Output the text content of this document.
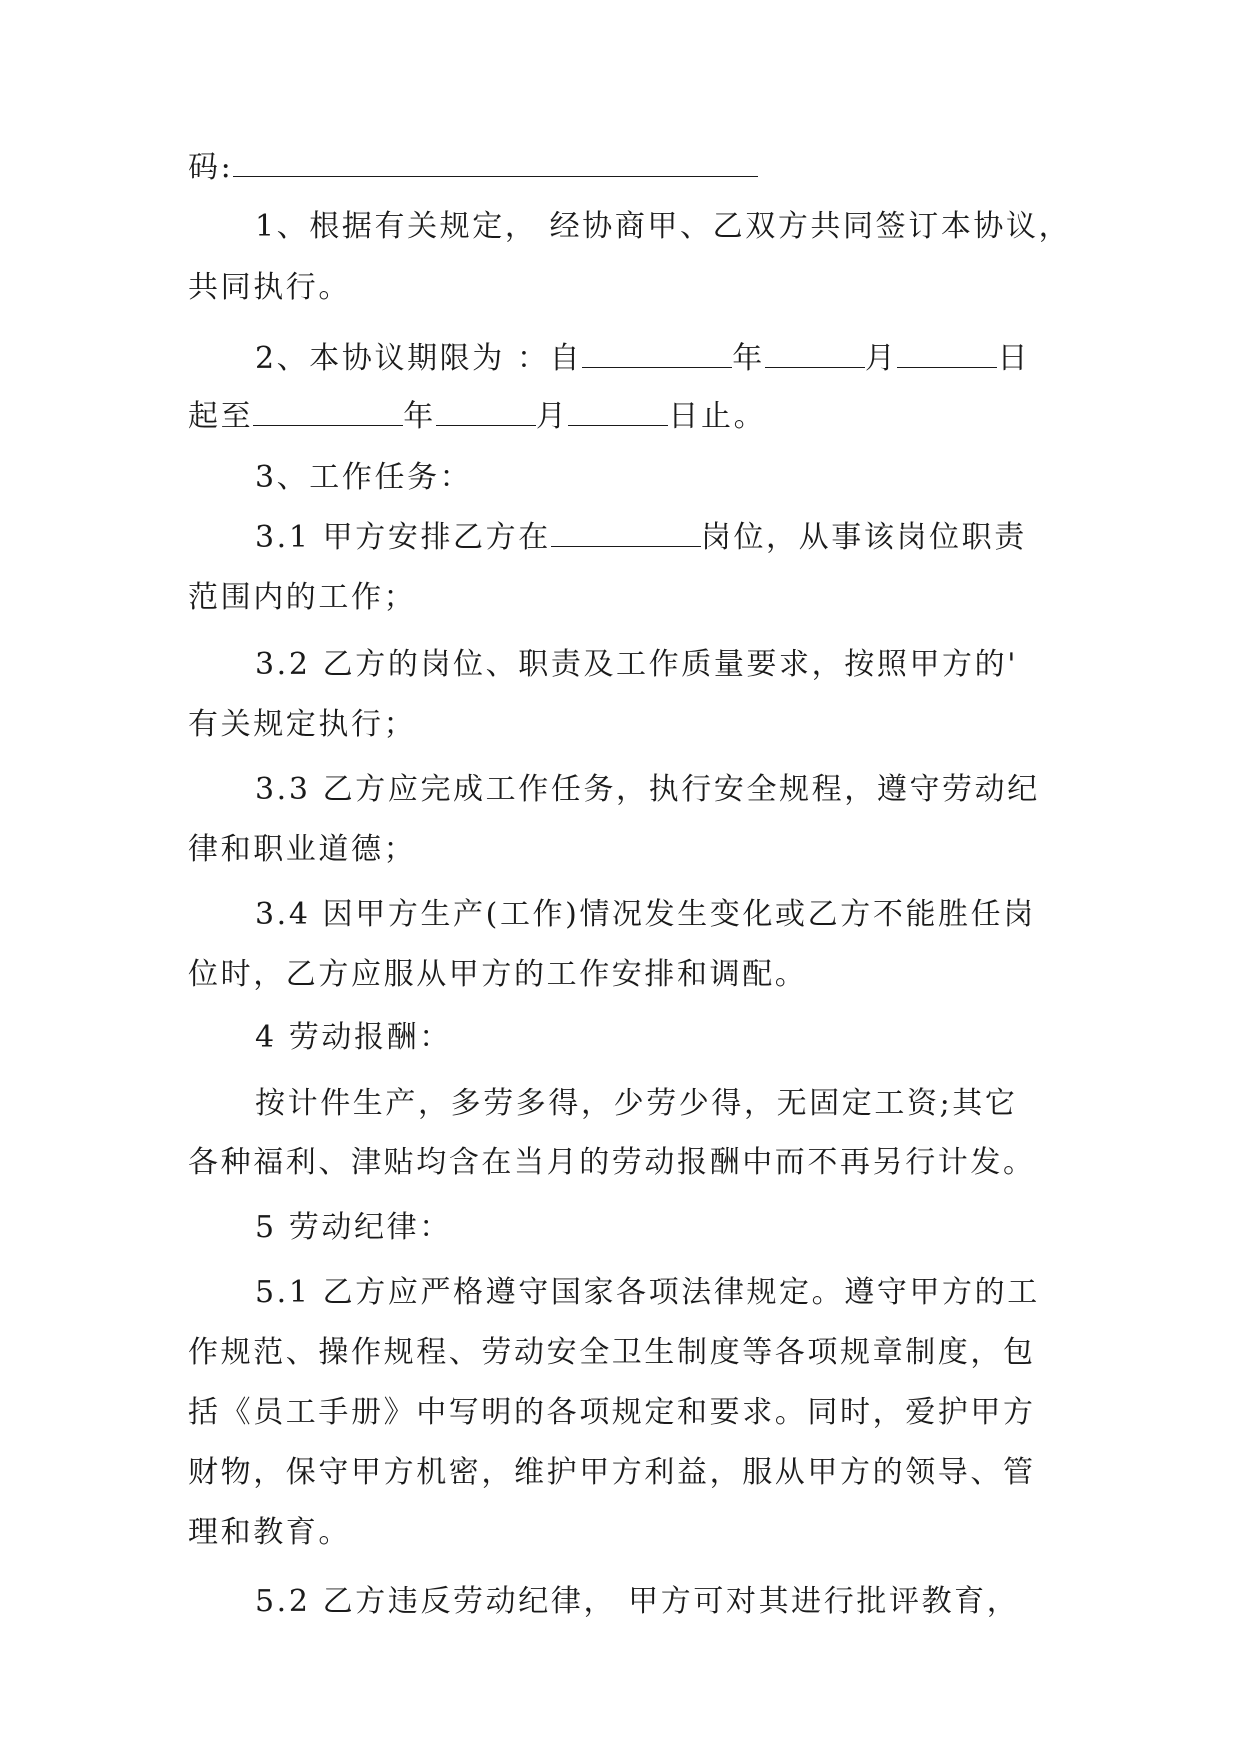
码:
1、根据有关规定， 经协商甲、乙双方共同签订本协议，
共同执行。
2、本协议期限为 ：自	年	月	日
起至	年	月	日止。
3、工作任务：
3.1 甲方安排乙方在	岗位，从事该岗位职责
范围内的工作；
3.2 乙方的岗位、职责及工作质量要求，按照甲方的'
有关规定执行；
3.3 乙方应完成工作任务，执行安全规程，遵守劳动纪
律和职业道德；
3.4 因甲方生产(工作)情况发生变化或乙方不能胜任岗
位时，乙方应服从甲方的工作安排和调配。
4 劳动报酬：
按计件生产，多劳多得，少劳少得，无固定工资;其它
各种福利、津贴均含在当月的劳动报酬中而不再另行计发。
5 劳动纪律：
5.1 乙方应严格遵守国家各项法律规定。遵守甲方的工
作规范、操作规程、劳动安全卫生制度等各项规章制度，包
括《员工手册》中写明的各项规定和要求。同时，爱护甲方
财物，保守甲方机密，维护甲方利益，服从甲方的领导、管
理和教育。
5.2 乙方违反劳动纪律， 甲方可对其进行批评教育，
